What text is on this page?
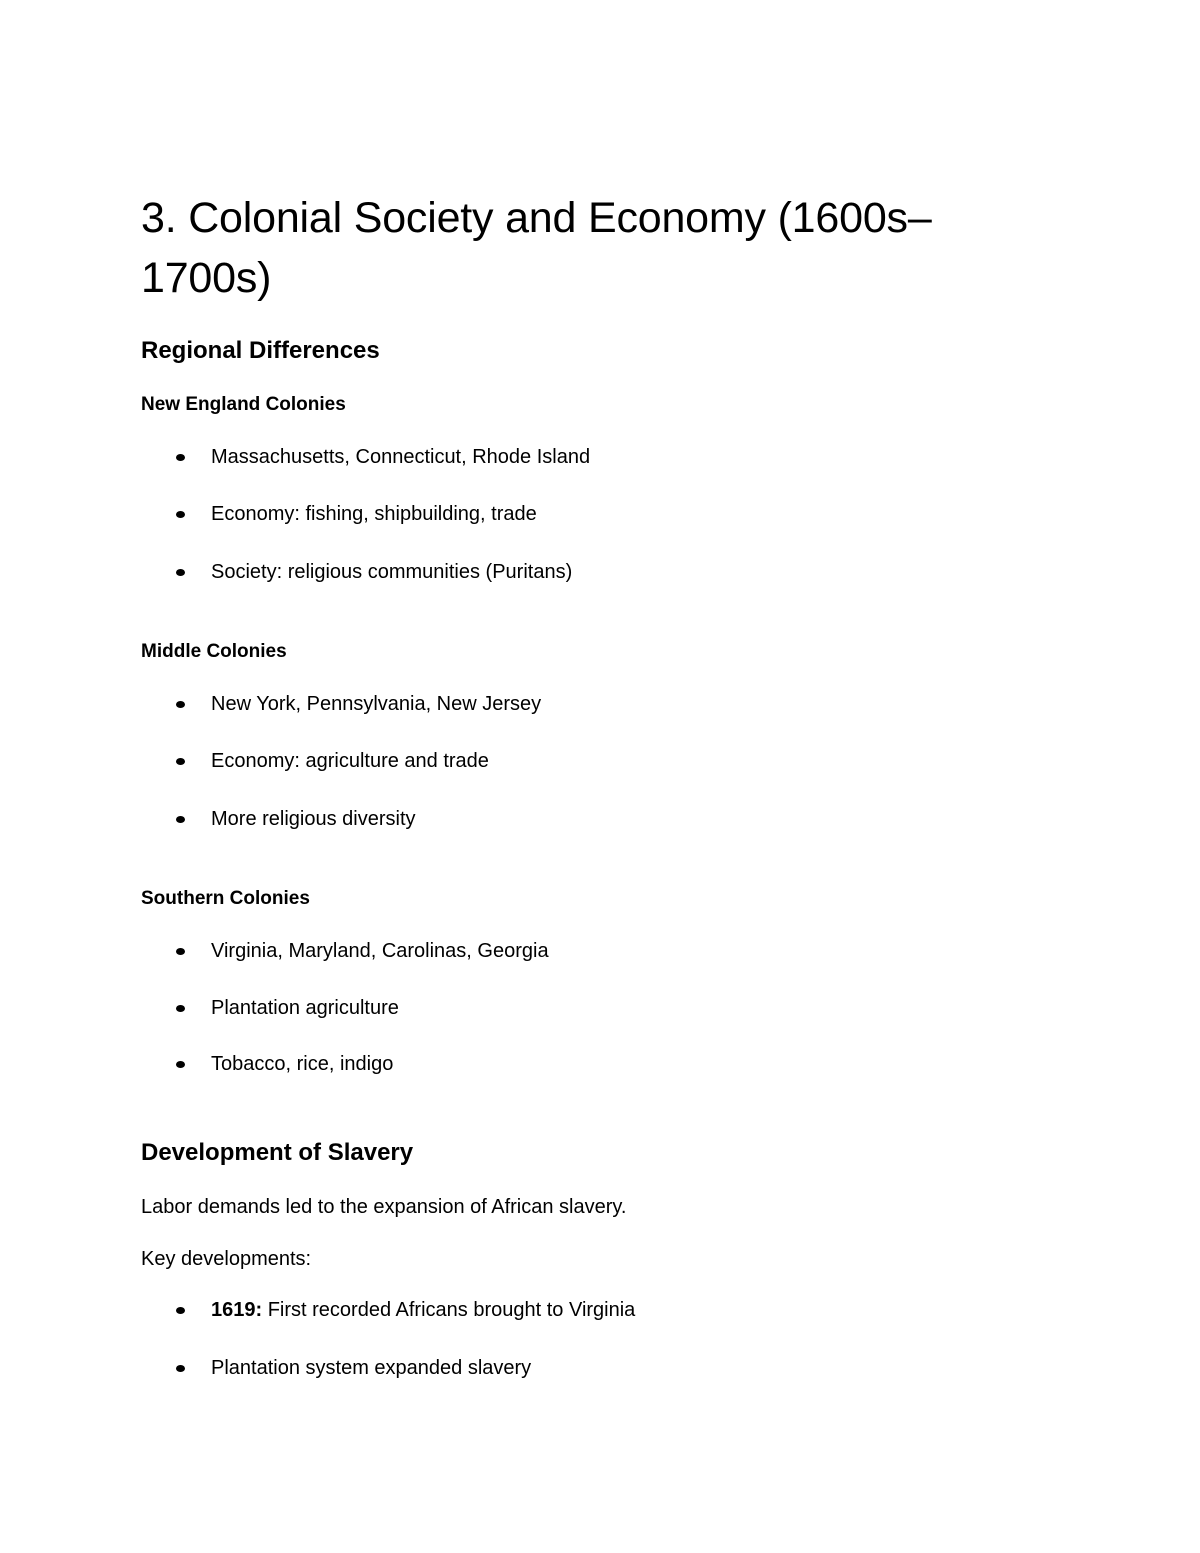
3. Colonial Society and Economy (1600s–1700s)
Regional Differences
New England Colonies
Massachusetts, Connecticut, Rhode Island
Economy: fishing, shipbuilding, trade
Society: religious communities (Puritans)
Middle Colonies
New York, Pennsylvania, New Jersey
Economy: agriculture and trade
More religious diversity
Southern Colonies
Virginia, Maryland, Carolinas, Georgia
Plantation agriculture
Tobacco, rice, indigo
Development of Slavery

Labor demands led to the expansion of African slavery.

Key developments:

1619: First recorded Africans brought to Virginia
Plantation system expanded slavery
